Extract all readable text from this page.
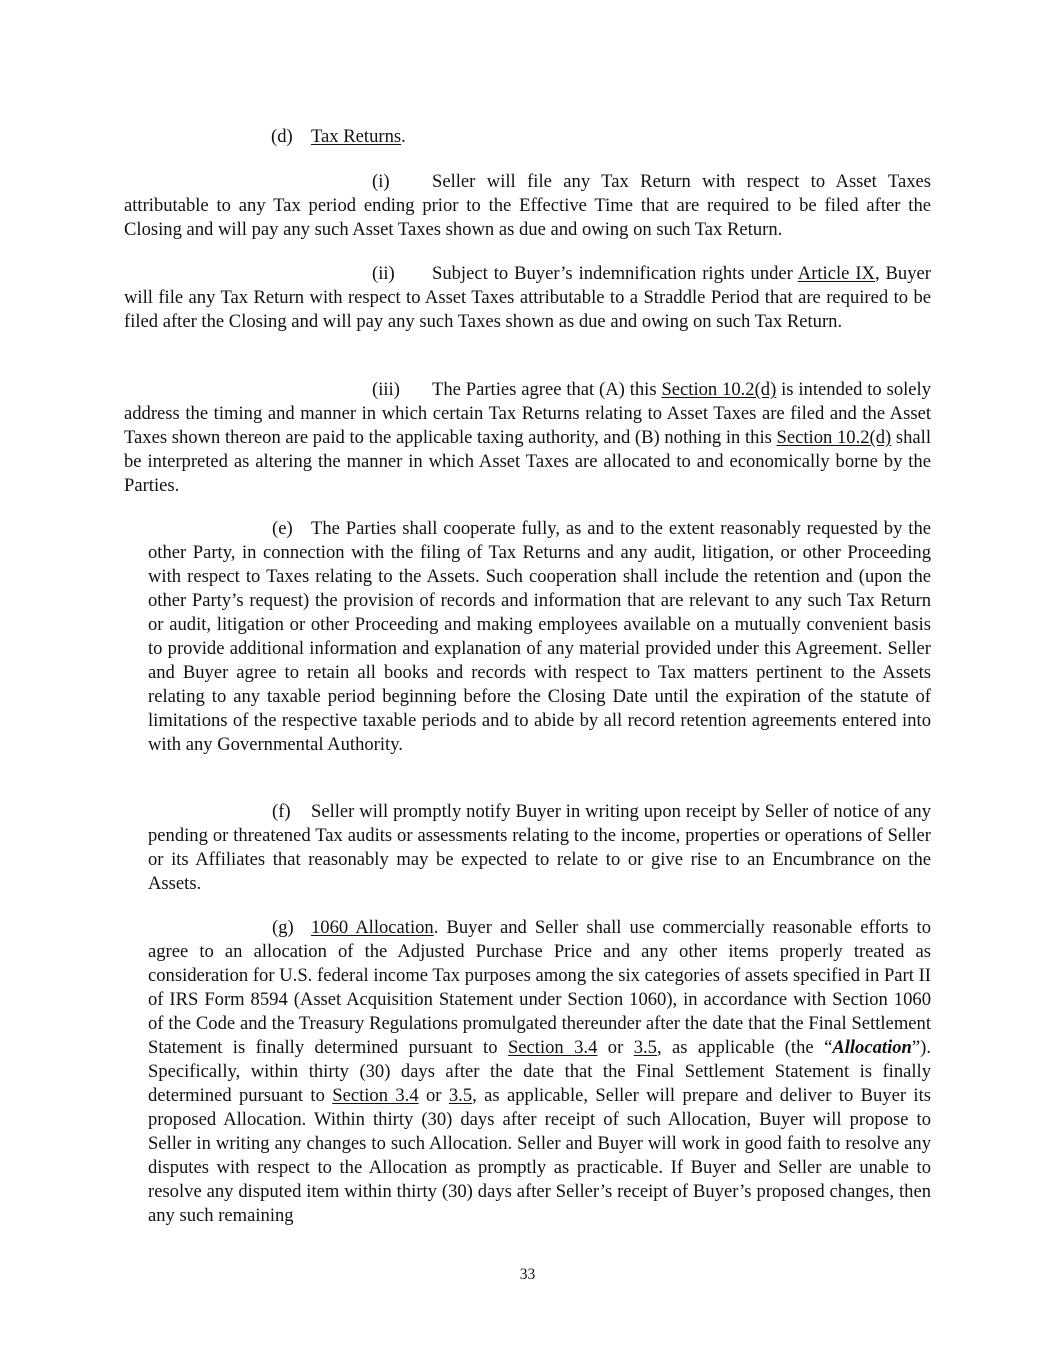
(d) Tax Returns.

(i) Seller will file any Tax Return with respect to Asset Taxes attributable to any Tax period ending prior to the Effective Time that are required to be filed after the Closing and will pay any such Asset Taxes shown as due and owing on such Tax Return.

(ii) Subject to Buyer’s indemnification rights under Article IX, Buyer will file any Tax Return with respect to Asset Taxes attributable to a Straddle Period that are required to be filed after the Closing and will pay any such Taxes shown as due and owing on such Tax Return.

(iii) The Parties agree that (A) this Section 10.2(d) is intended to solely address the timing and manner in which certain Tax Returns relating to Asset Taxes are filed and the Asset Taxes shown thereon are paid to the applicable taxing authority, and (B) nothing in this Section 10.2(d) shall be interpreted as altering the manner in which Asset Taxes are allocated to and economically borne by the Parties.

(e) The Parties shall cooperate fully, as and to the extent reasonably requested by the other Party, in connection with the filing of Tax Returns and any audit, litigation, or other Proceeding with respect to Taxes relating to the Assets. Such cooperation shall include the retention and (upon the other Party’s request) the provision of records and information that are relevant to any such Tax Return or audit, litigation or other Proceeding and making employees available on a mutually convenient basis to provide additional information and explanation of any material provided under this Agreement. Seller and Buyer agree to retain all books and records with respect to Tax matters pertinent to the Assets relating to any taxable period beginning before the Closing Date until the expiration of the statute of limitations of the respective taxable periods and to abide by all record retention agreements entered into with any Governmental Authority.

(f) Seller will promptly notify Buyer in writing upon receipt by Seller of notice of any pending or threatened Tax audits or assessments relating to the income, properties or operations of Seller or its Affiliates that reasonably may be expected to relate to or give rise to an Encumbrance on the Assets.

(g) 1060 Allocation. Buyer and Seller shall use commercially reasonable efforts to agree to an allocation of the Adjusted Purchase Price and any other items properly treated as consideration for U.S. federal income Tax purposes among the six categories of assets specified in Part II of IRS Form 8594 (Asset Acquisition Statement under Section 1060), in accordance with Section 1060 of the Code and the Treasury Regulations promulgated thereunder after the date that the Final Settlement Statement is finally determined pursuant to Section 3.4 or 3.5, as applicable (the “Allocation”). Specifically, within thirty (30) days after the date that the Final Settlement Statement is finally determined pursuant to Section 3.4 or 3.5, as applicable, Seller will prepare and deliver to Buyer its proposed Allocation. Within thirty (30) days after receipt of such Allocation, Buyer will propose to Seller in writing any changes to such Allocation. Seller and Buyer will work in good faith to resolve any disputes with respect to the Allocation as promptly as practicable. If Buyer and Seller are unable to resolve any disputed item within thirty (30) days after Seller’s receipt of Buyer’s proposed changes, then any such remaining

33
